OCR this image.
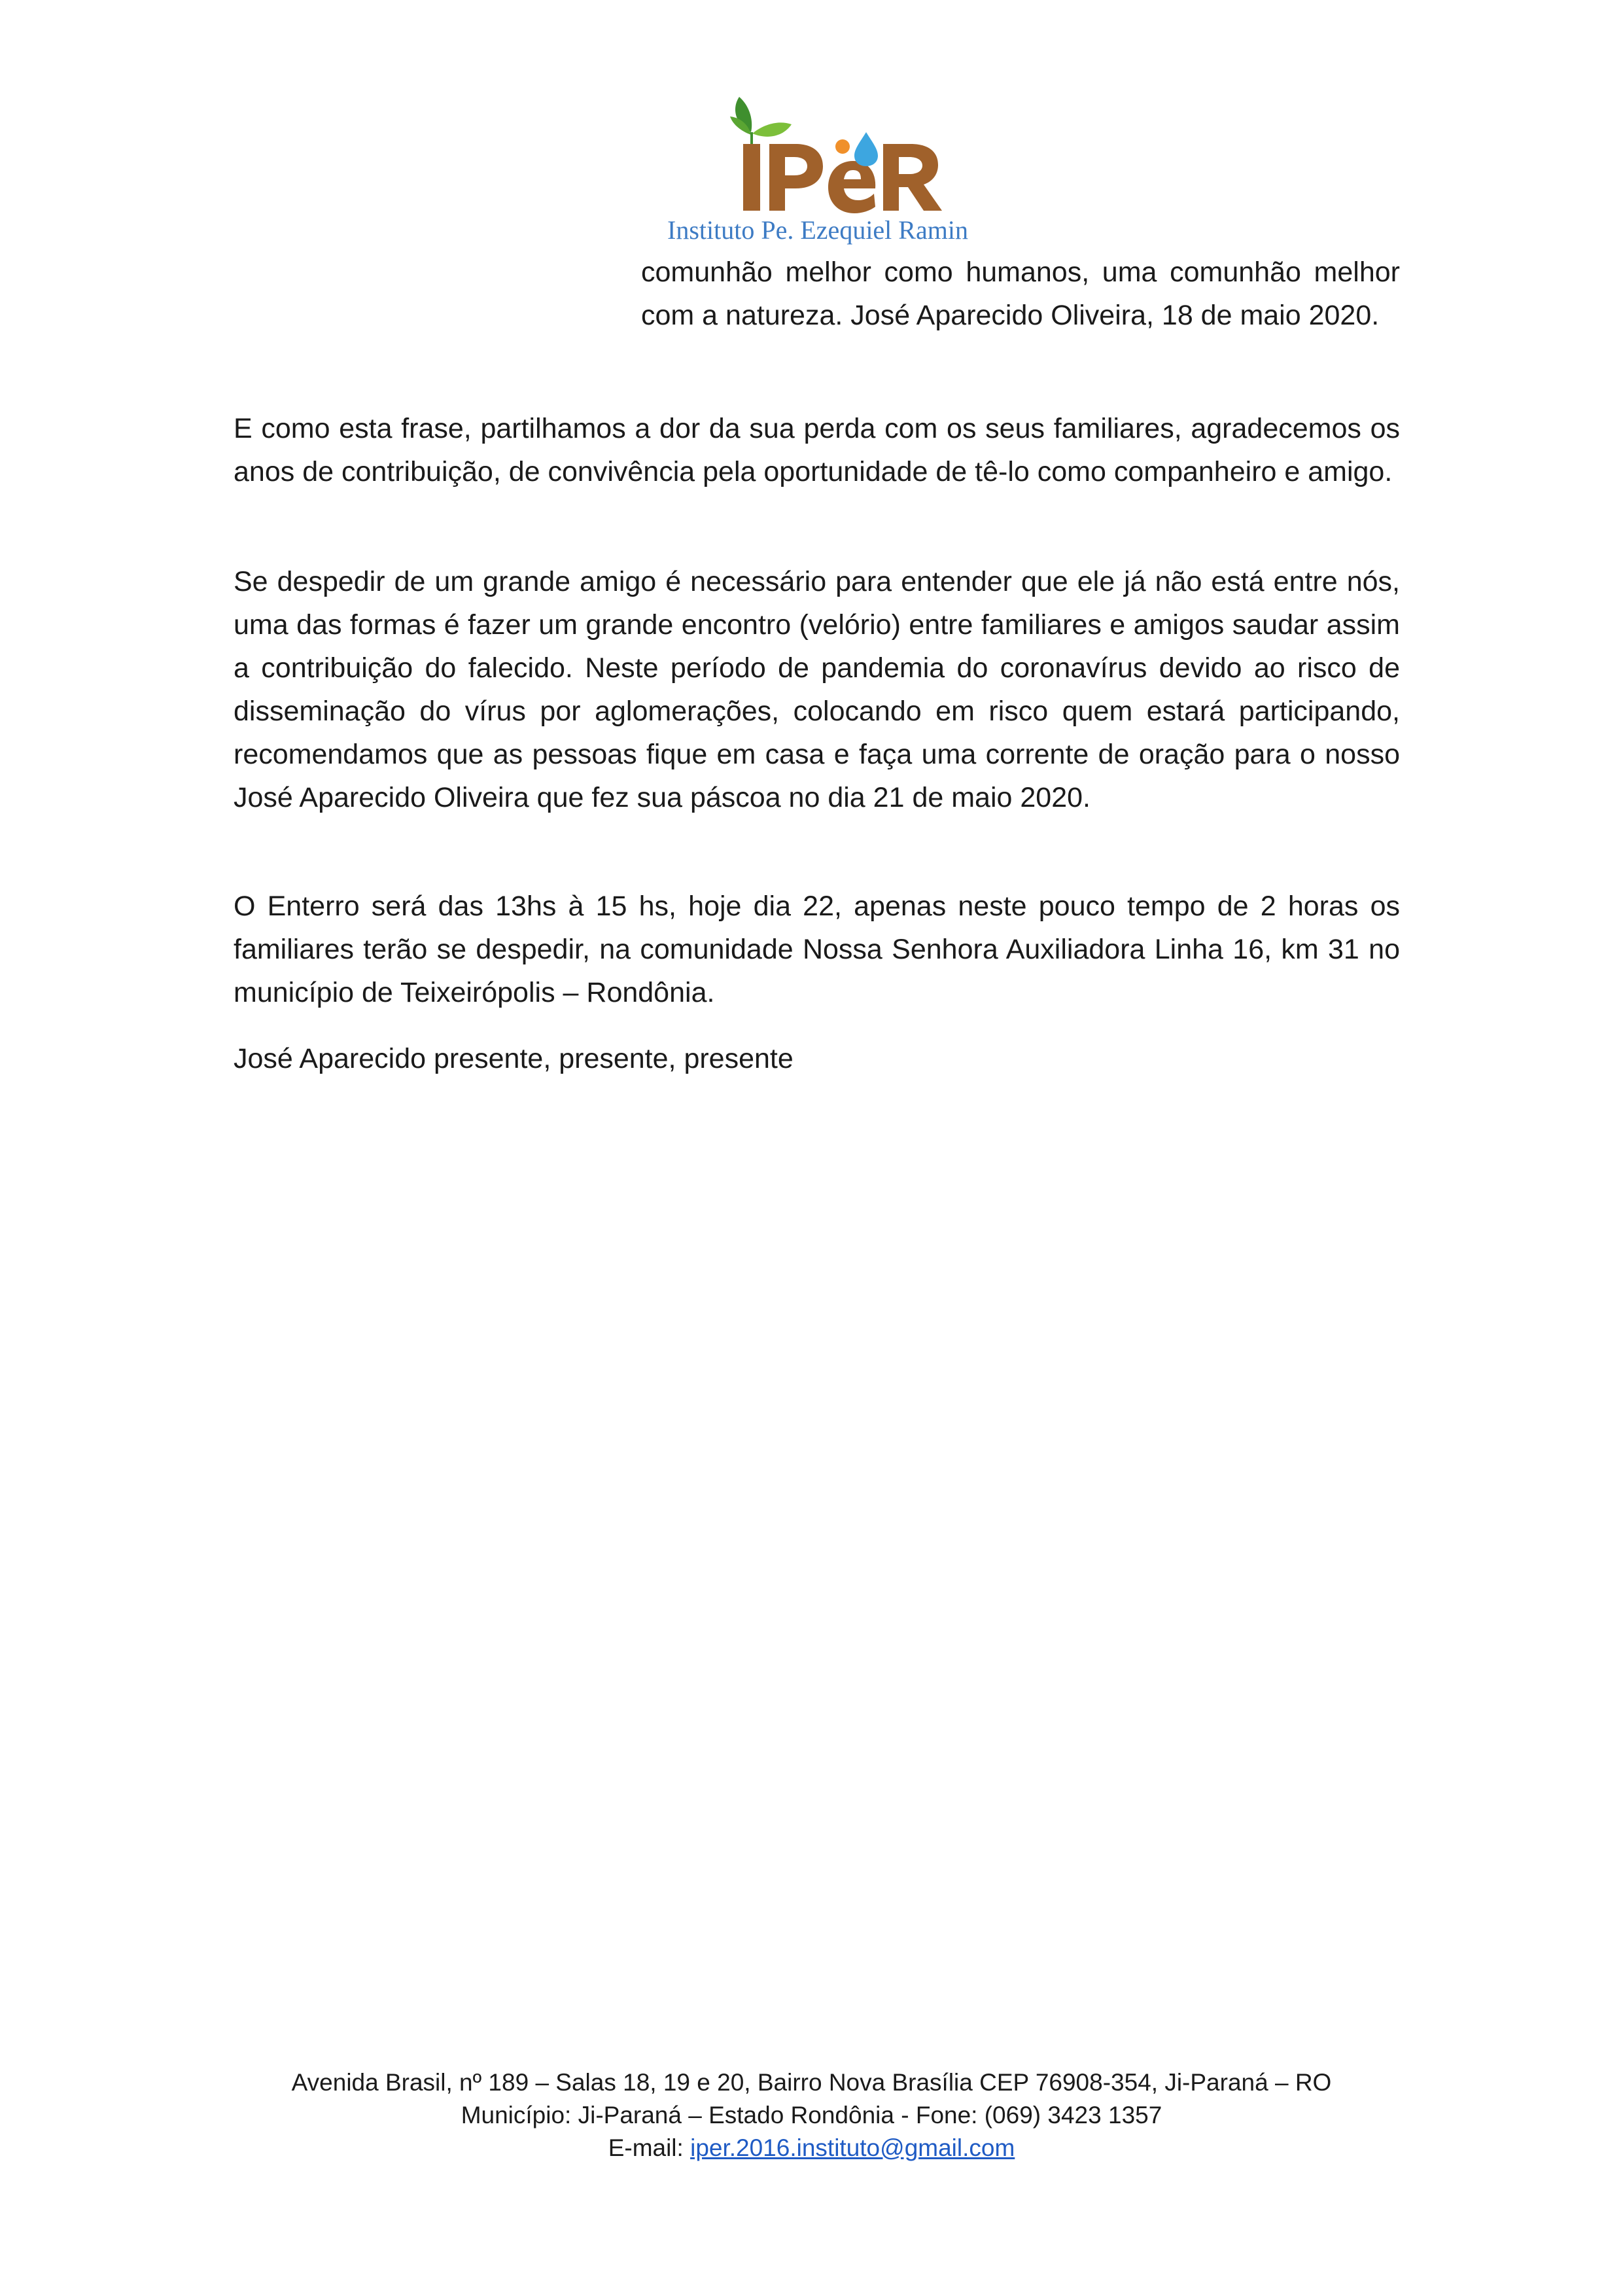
Instituto Pe. Ezequiel Ramin
comunhão melhor como humanos, uma comunhão melhor com a natureza. José Aparecido Oliveira, 18 de maio 2020.
E como esta frase, partilhamos a dor da sua perda com os seus familiares, agradecemos os anos de contribuição, de convivência pela oportunidade de tê-lo como companheiro e amigo.
Se despedir de um grande amigo é necessário para entender que ele já não está entre nós, uma das formas é fazer um grande encontro (velório) entre familiares e amigos saudar assim a contribuição do falecido. Neste período de pandemia do coronavírus devido ao risco de disseminação do vírus por aglomerações, colocando em risco quem estará participando, recomendamos que as pessoas fique em casa e faça uma corrente de oração para o nosso José Aparecido Oliveira que fez sua páscoa no dia 21 de maio 2020.
O Enterro será das 13hs à 15 hs, hoje dia 22, apenas neste pouco tempo de 2 horas os familiares terão se despedir, na comunidade Nossa Senhora Auxiliadora Linha 16, km 31 no município de Teixeirópolis – Rondônia.
José Aparecido presente, presente, presente
Avenida Brasil, nº 189 – Salas 18, 19 e 20, Bairro Nova Brasília CEP 76908-354, Ji-Paraná – RO
Município: Ji-Paraná – Estado Rondônia - Fone: (069) 3423 1357
E-mail: iper.2016.instituto@gmail.com
